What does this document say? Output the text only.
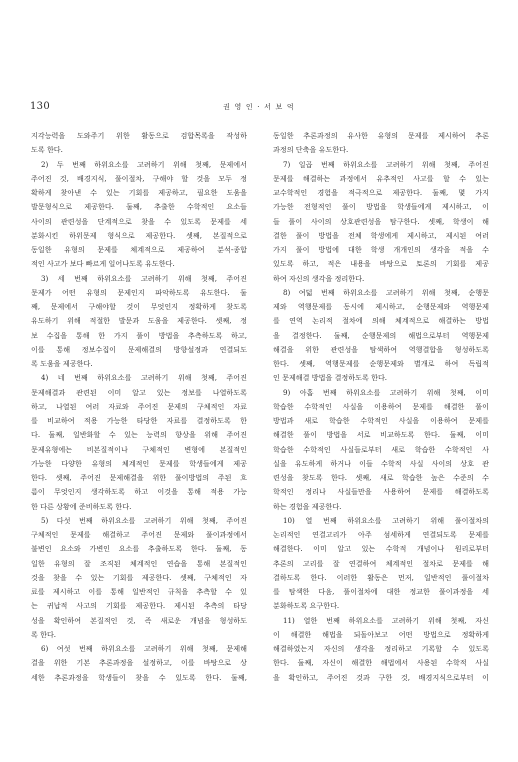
130	권 영 인 · 서 보 억
지각능력을 도와주기 위한 활동으로 검합목록을 작성하
도록 한다.
2) 두 번째 하위요소를 고려하기 위해 첫째, 문제에서
주어진 것, 배경지식, 풀이절차, 구해야 할 것을 모두 정
확하게 찾아낸 수 있는 기회를 제공하고, 필요한 도움을
발문형식으로 제공한다. 둘째, 추출한 수학적인 요소들
사이의 관련성을 단계적으로 찾을 수 있도록 문제를 세
분화시킨 하위문제 형식으로 제공한다. 셋째, 본질적으로
동일한 유형의 문제를 체계적으로 제공하여 분석-종합
적인 사고가 보다 빠르게 일어나도록 유도한다.
3) 세 번째 하위요소를 고려하기 위해 첫째, 주어진
문제가 어떤 유형의 문제인지 파악하도록 유도한다. 둘
째, 문제에서 구해야할 것이 무엇인지 정확하게 찾도록
유도하기 위해 적절한 발문과 도움을 제공한다. 셋째, 정
보 수집을 통해 한 가지 풀이 방법을 추측하도록 하고,
이를 통해 정보수집이 문제해결의 방향설정과 연결되도
록 도움을 제공한다.
4) 네 번째 하위요소를 고려하기 위해 첫째, 주어진
문제해결과 관련된 이미 알고 있는 정보를 나열하도록
하고, 나열된 여러 자료와 주어진 문제의 구체적인 자료
를 비교하여 적용 가능한 타당한 자료를 결정하도록 한
다. 둘째, 일반화할 수 있는 능력의 향상을 위해 주어진
문제유형에는 비본질적이나 구체적인 변형에 본질적인
가능한 다양한 유형의 체계적인 문제를 학생들에게 제공
한다. 셋째, 주어진 문제해결을 위한 풀이방법의 주된 흐
름이 무엇인지 생각하도록 하고 이것을 통해 적용 가능
한 다른 상황에 준비하도록 한다.
5) 다섯 번째 하위요소를 고려하기 위해 첫째, 주어진
구체적인 문제를 해결하고 주어진 문제와 풀이과정에서
불변인 요소와 가변인 요소를 추출하도록 한다. 둘째, 동
일한 유형의 잘 조직된 체계적인 연습을 통해 본질적인
것을 찾을 수 있는 기회를 제공한다. 셋째, 구체적인 자
료를 제시하고 이를 통해 일반적인 규칙을 추측할 수 있
는 귀납적 사고의 기회를 제공한다. 제시된 추측의 타당
성을 확인하여 본질적인 것, 즉 새로운 개념을 형성하도
록 한다.
6) 여섯 번째 하위요소를 고려하기 위해 첫째, 문제해
결을 위한 기본 추론과정을 설정하고, 이를 바탕으로 상
세한 추론과정을 학생들이 찾을 수 있도록 한다. 둘째,
동일한 추론과정의 유사한 유형의 문제를 제시하여 추론
과정의 단축을 유도한다.
7) 일곱 번째 하위요소를 고려하기 위해 첫째, 주어진
문제를 해결하는 과정에서 유추적인 사고를 할 수 있는
교수학적인 경험을 적극적으로 제공한다. 둘째, 몇 가지
가능한 전형적인 풀이 방법을 학생들에게 제시하고, 이
들 풀이 사이의 상호관련성을 탐구한다. 셋째, 학생이 해
결한 풀이 방법을 전체 학생에게 제시하고, 제시된 여러
가지 풀이 방법에 대한 학생 개개인의 생각을 적을 수
있도록 하고, 적은 내용을 바탕으로 토론의 기회를 제공
하여 자신의 생각을 정리한다.
8) 여덟 번째 하위요소를 고려하기 위해 첫째, 순행문
제와 역행문제를 동시에 제시하고, 순행문제와 역행문제
를 연역 논리적 절차에 의해 체계적으로 해결하는 방법
을 결정한다. 둘째, 순행문제의 해법으로부터 역행문제
해결을 위한 관련성을 탐색하여 역행결합을 형성하도록
한다. 셋째, 역행문제를 순행문제와 별개로 하여 독립적
인 문제해결 방법을 결정하도록 한다.
9) 아홉 번째 하위요소를 고려하기 위해 첫째, 이미
학습한 수학적인 사실을 이용하여 문제를 해결한 풀이
방법과 새로 학습한 수학적인 사실을 이용하여 문제를
해결한 풀이 방법을 서로 비교하도록 한다. 둘째, 이미
학습한 수학적인 사실들로부터 새로 학습한 수학적인 사
실을 유도하게 하거나 이들 수학적 사실 사이의 상호 관
련성을 찾도록 한다. 셋째, 새로 학습한 높은 수준의 수
학적인 정리나 사실들만을 사용하여 문제를 해결하도록
하는 경험을 제공한다.
10) 열 번째 하위요소를 고려하기 위해 풀이절차의
논리적인 연결고리가 아주 섬세하게 연결되도록 문제를
해결한다. 이미 알고 있는 수학적 개념이나 원리로부터
추론의 고리를 잘 연결하여 체계적인 절차로 문제를 해
결하도록 한다. 이러한 활동은 먼저, 일반적인 풀이절차
를 탐색한 다음, 풀이절차에 대한 정교한 풀이과정을 세
분화하도록 요구한다.
11) 열한 번째 하위요소를 고려하기 위해 첫째, 자신
이 해결한 해법을 되돌아보고 어떤 방법으로 정확하게
해결하였는지 자신의 생각을 정리하고 기록할 수 있도록
한다. 둘째, 자신이 해결한 해법에서 사용된 수학적 사실
을 확인하고, 주어진 것과 구한 것, 배경지식으로부터 이
